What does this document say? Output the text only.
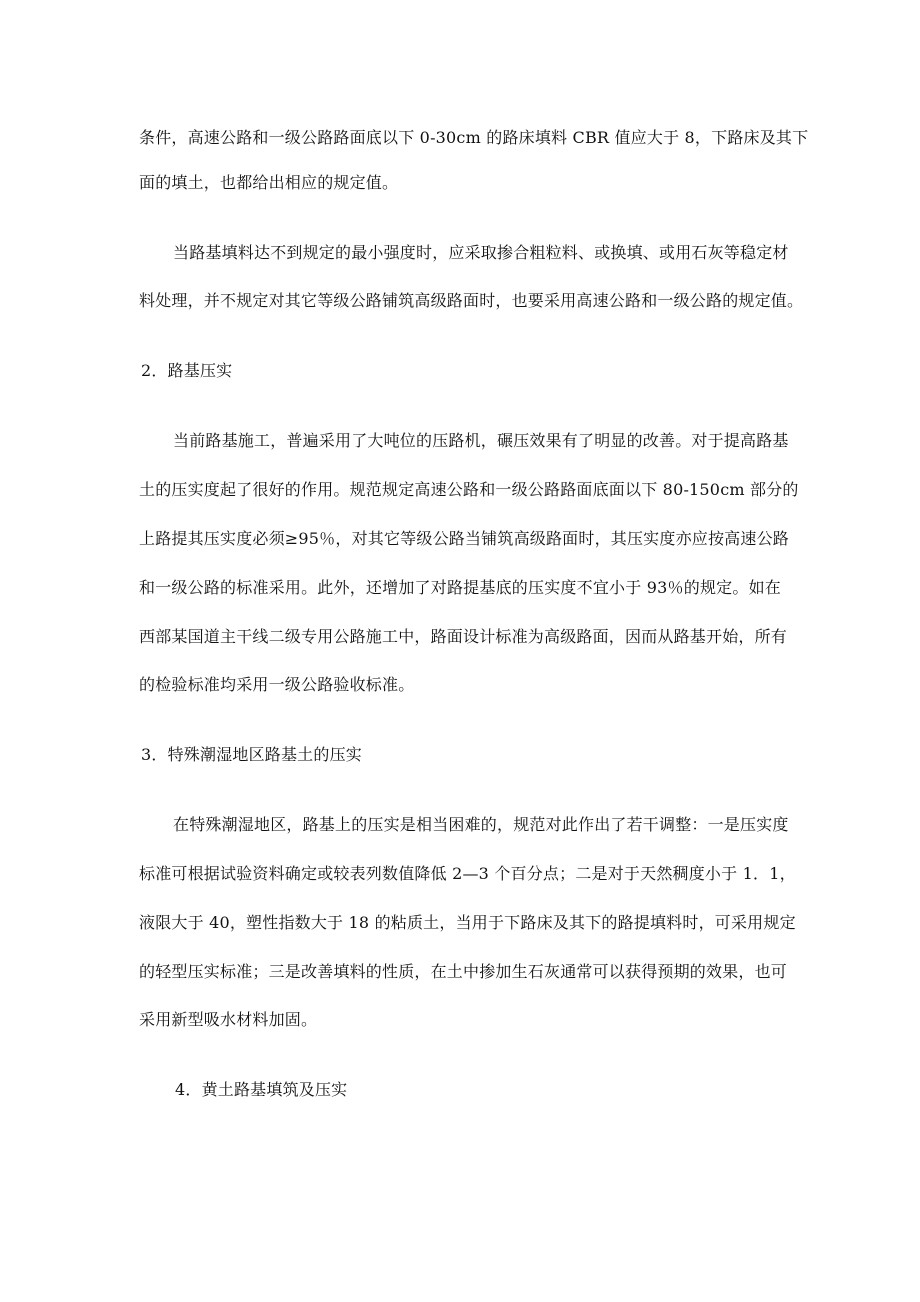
条件，高速公路和一级公路路面底以下 0-30cm 的路床填料 CBR 值应大于 8，下路床及其下
面的填土，也都给出相应的规定值。
当路基填料达不到规定的最小强度时，应采取掺合粗粒料、或换填、或用石灰等稳定材
料处理，并不规定对其它等级公路铺筑高级路面时，也要采用高速公路和一级公路的规定值。
2．路基压实
当前路基施工，普遍采用了大吨位的压路机，碾压效果有了明显的改善。对于提高路基
土的压实度起了很好的作用。规范规定高速公路和一级公路路面底面以下 80-150cm 部分的
上路提其压实度必须≥95％，对其它等级公路当铺筑高级路面时，其压实度亦应按高速公路
和一级公路的标准采用。此外，还增加了对路提基底的压实度不宜小于 93％的规定。如在
西部某国道主干线二级专用公路施工中，路面设计标准为高级路面，因而从路基开始，所有
的检验标准均采用一级公路验收标准。
3．特殊潮湿地区路基土的压实
在特殊潮湿地区，路基上的压实是相当困难的，规范对此作出了若干调整：一是压实度
标准可根据试验资料确定或较表列数值降低 2—3 个百分点；二是对于天然稠度小于 1．1，
液限大于 40，塑性指数大于 18 的粘质土，当用于下路床及其下的路提填料时，可采用规定
的轻型压实标准；三是改善填料的性质，在土中掺加生石灰通常可以获得预期的效果，也可
采用新型吸水材料加固。
4．黄土路基填筑及压实
